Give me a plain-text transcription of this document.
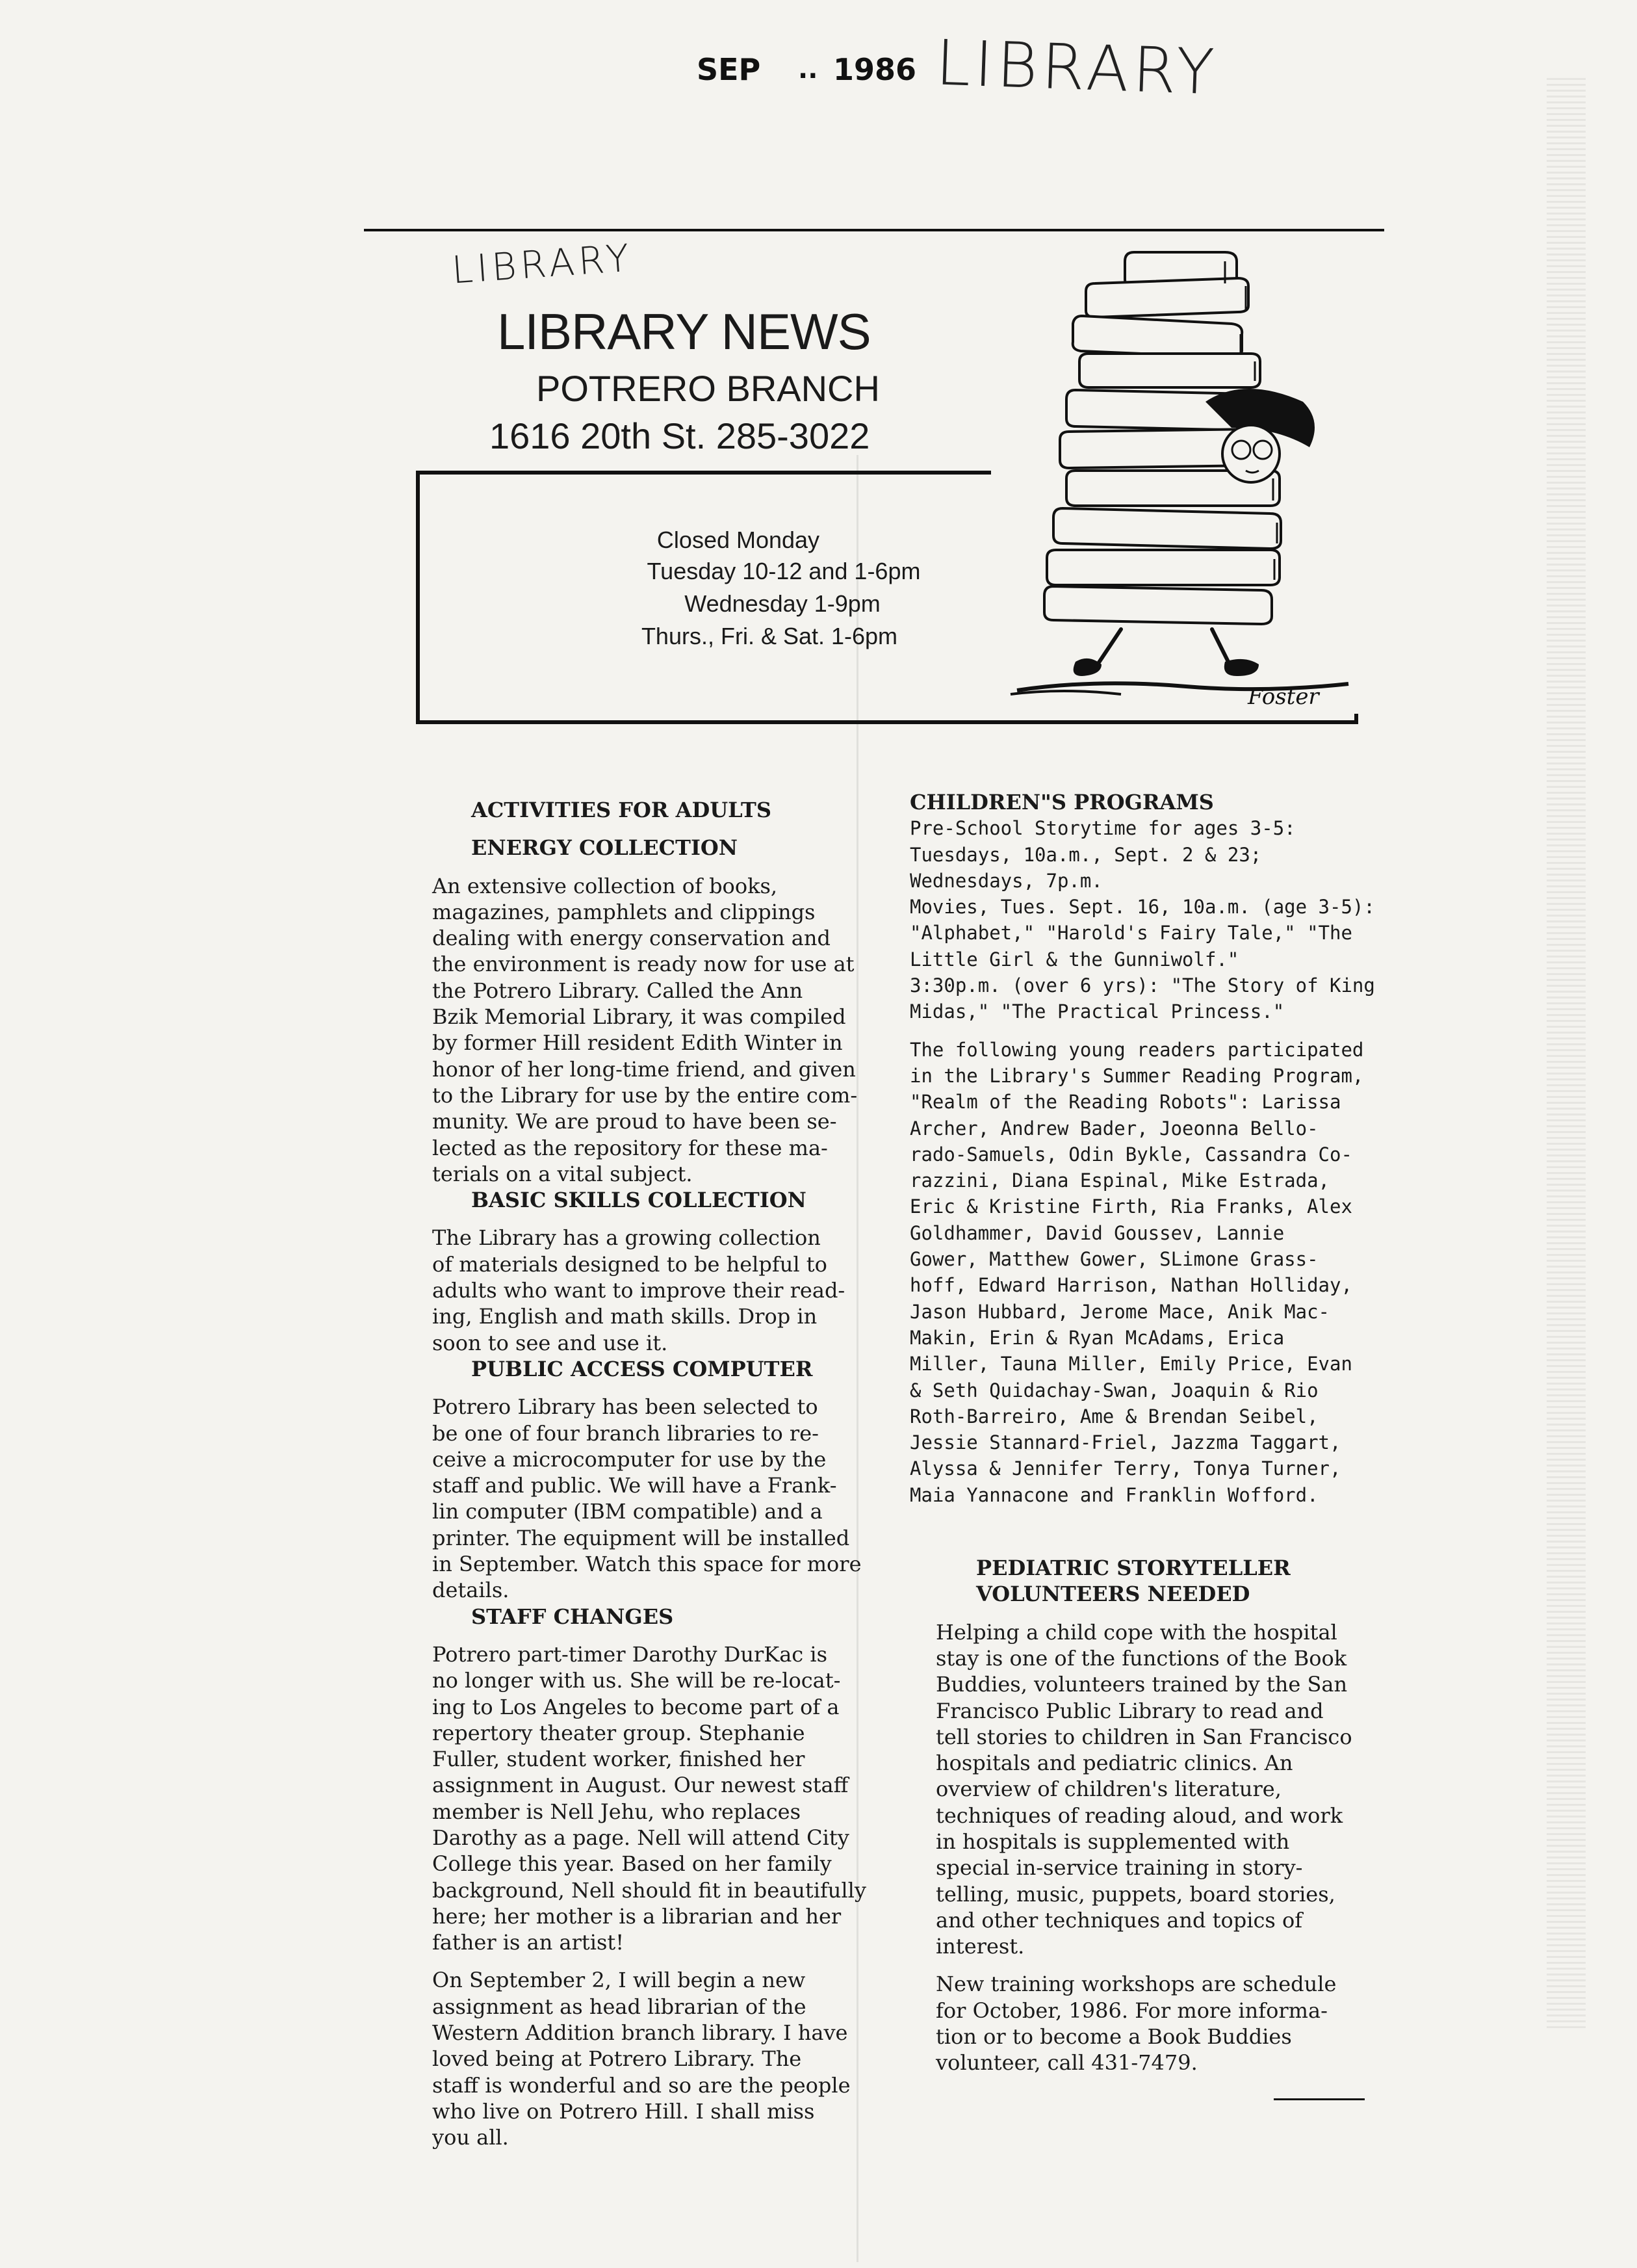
SEP .. 1986 LIBRARY
LIBRARY
LIBRARY NEWS
POTRERO BRANCH
1616 20th St. 285-3022
Closed Monday
Tuesday 10-12 and 1-6pm
Wednesday 1-9pm
Thurs., Fri. & Sat. 1-6pm
Foster
ACTIVITIES FOR ADULTS
ENERGY COLLECTION
An extensive collection of books,
magazines, pamphlets and clippings
dealing with energy conservation and
the environment is ready now for use at
the Potrero Library. Called the Ann
Bzik Memorial Library, it was compiled
by former Hill resident Edith Winter in
honor of her long-time friend, and given
to the Library for use by the entire com-
munity. We are proud to have been se-
lected as the repository for these ma-
terials on a vital subject.
BASIC SKILLS COLLECTION
The Library has a growing collection
of materials designed to be helpful to
adults who want to improve their read-
ing, English and math skills. Drop in
soon to see and use it.
PUBLIC ACCESS COMPUTER
Potrero Library has been selected to
be one of four branch libraries to re-
ceive a microcomputer for use by the
staff and public. We will have a Frank-
lin computer (IBM compatible) and a
printer. The equipment will be installed
in September. Watch this space for more
details.
STAFF CHANGES
Potrero part-timer Darothy DurKac is
no longer with us. She will be re-locat-
ing to Los Angeles to become part of a
repertory theater group. Stephanie
Fuller, student worker, finished her
assignment in August. Our newest staff
member is Nell Jehu, who replaces
Darothy as a page. Nell will attend City
College this year. Based on her family
background, Nell should fit in beautifully
here; her mother is a librarian and her
father is an artist!
On September 2, I will begin a new
assignment as head librarian of the
Western Addition branch library. I have
loved being at Potrero Library. The
staff is wonderful and so are the people
who live on Potrero Hill. I shall miss
you all.
CHILDREN"S PROGRAMS
Pre-School Storytime for ages 3-5:
Tuesdays, 10a.m., Sept. 2 & 23;
Wednesdays, 7p.m.
Movies, Tues. Sept. 16, 10a.m. (age 3-5):
"Alphabet," "Harold's Fairy Tale," "The
Little Girl & the Gunniwolf."
3:30p.m. (over 6 yrs): "The Story of King
Midas," "The Practical Princess."
The following young readers participated
in the Library's Summer Reading Program,
"Realm of the Reading Robots": Larissa
Archer, Andrew Bader, Joeonna Bello-
rado-Samuels, Odin Bykle, Cassandra Co-
razzini, Diana Espinal, Mike Estrada,
Eric & Kristine Firth, Ria Franks, Alex
Goldhammer, David Goussev, Lannie
Gower, Matthew Gower, SLimone Grass-
hoff, Edward Harrison, Nathan Holliday,
Jason Hubbard, Jerome Mace, Anik Mac-
Makin, Erin & Ryan McAdams, Erica
Miller, Tauna Miller, Emily Price, Evan
& Seth Quidachay-Swan, Joaquin & Rio
Roth-Barreiro, Ame & Brendan Seibel,
Jessie Stannard-Friel, Jazzma Taggart,
Alyssa & Jennifer Terry, Tonya Turner,
Maia Yannacone and Franklin Wofford.
PEDIATRIC STORYTELLER
VOLUNTEERS NEEDED
Helping a child cope with the hospital
stay is one of the functions of the Book
Buddies, volunteers trained by the San
Francisco Public Library to read and
tell stories to children in San Francisco
hospitals and pediatric clinics. An
overview of children's literature,
techniques of reading aloud, and work
in hospitals is supplemented with
special in-service training in story-
telling, music, puppets, board stories,
and other techniques and topics of
interest.
New training workshops are schedule
for October, 1986. For more informa-
tion or to become a Book Buddies
volunteer, call 431-7479.
